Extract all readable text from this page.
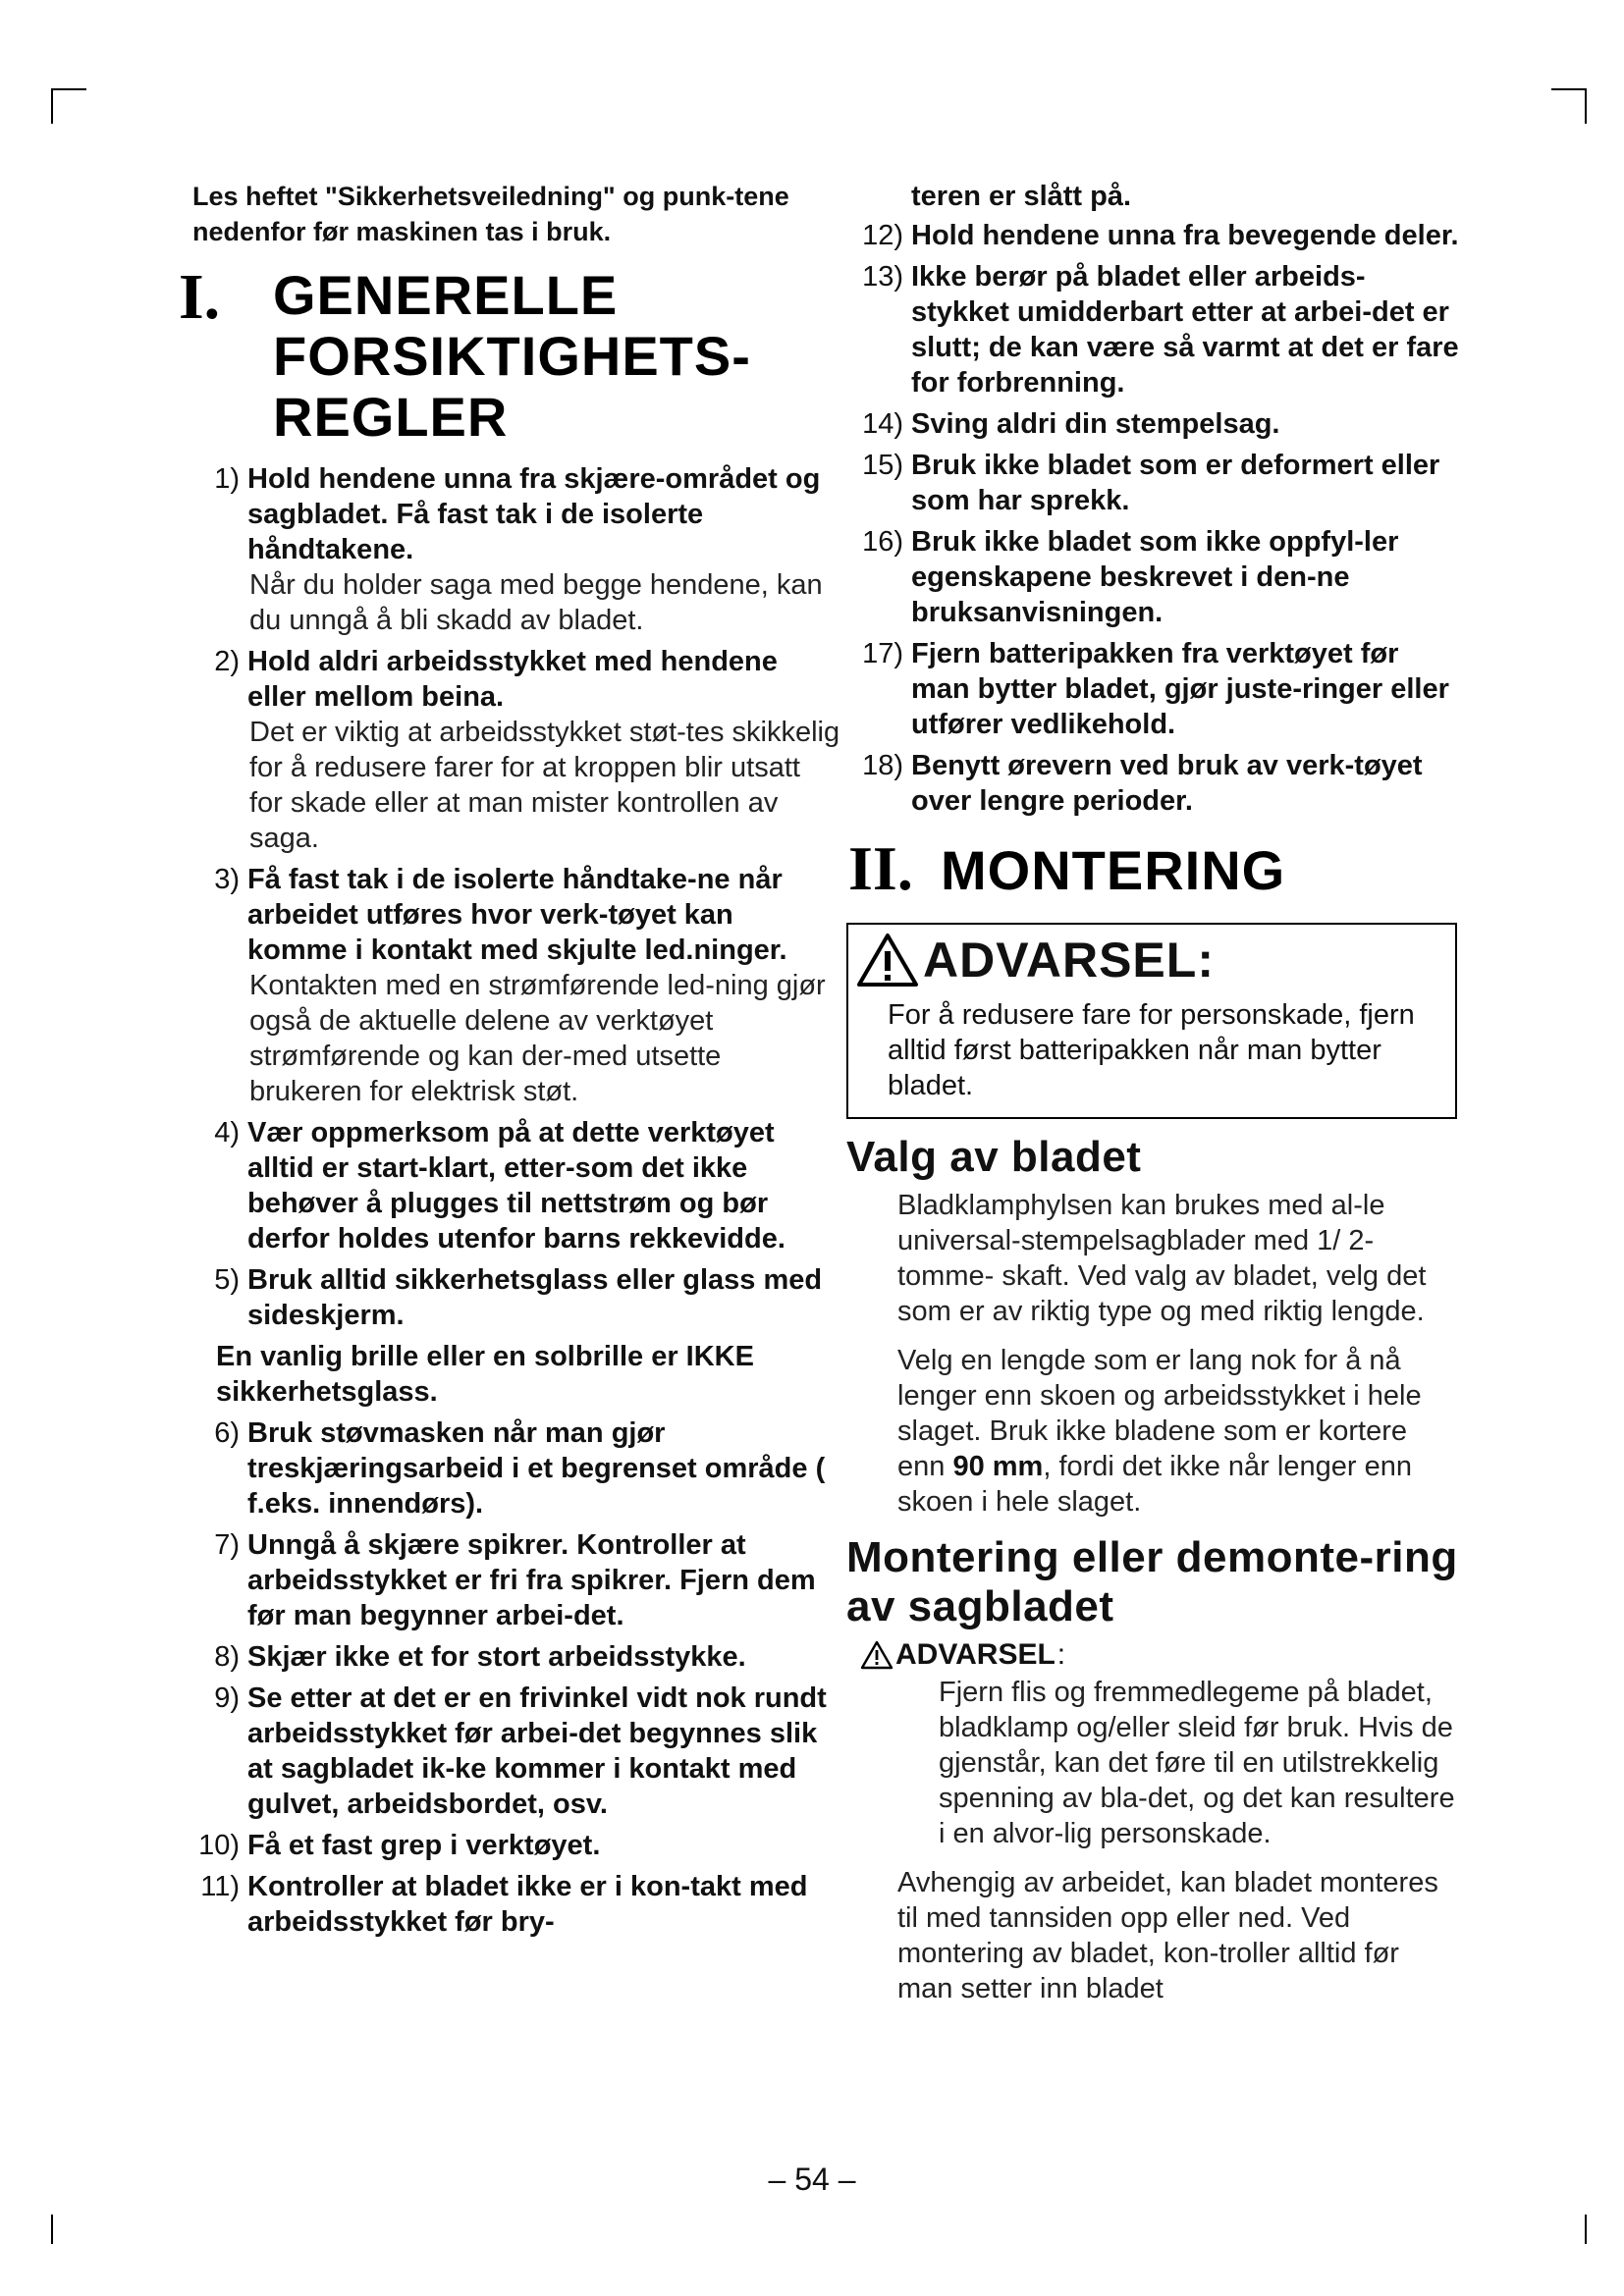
Les heftet "Sikkerhetsveiledning" og punk-tene nedenfor før maskinen tas i bruk.
I. GENERELLE FORSIKTIGHETS-REGLER
1) Hold hendene unna fra skjære-området og sagbladet. Få fast tak i de isolerte håndtakene.
Når du holder saga med begge hendene, kan du unngå å bli skadd av bladet.
2) Hold aldri arbeidsstykket med hendene eller mellom beina.
Det er viktig at arbeidsstykket støt-tes skikkelig for å redusere farer for at kroppen blir utsatt for skade eller at man mister kontrollen av saga.
3) Få fast tak i de isolerte håndtake-ne når arbeidet utføres hvor verk-tøyet kan komme i kontakt med skjulte led.ninger.
Kontakten med en strømførende led-ning gjør også de aktuelle delene av verktøyet strømførende og kan der-med utsette brukeren for elektrisk støt.
4) Vær oppmerksom på at dette verktøyet alltid er start-klart, etter-som det ikke behøver å plugges til nettstrøm og bør derfor holdes utenfor barns rekkevidde.
5) Bruk alltid sikkerhetsglass eller glass med sideskjerm.
En vanlig brille eller en solbrille er IKKE sikkerhetsglass.
6) Bruk støvmasken når man gjør treskjæringsarbeid i et begrenset område ( f.eks. innendørs).
7) Unngå å skjære spikrer. Kontroller at arbeidsstykket er fri fra spikrer. Fjern dem før man begynner arbei-det.
8) Skjær ikke et for stort arbeidsstykke.
9) Se etter at det er en frivinkel vidt nok rundt arbeidsstykket før arbei-det begynnes slik at sagbladet ik-ke kommer i kontakt med gulvet, arbeidsbordet, osv.
10) Få et fast grep i verktøyet.
11) Kontroller at bladet ikke er i kon-takt med arbeidsstykket før bry-
teren er slått på.
12) Hold hendene unna fra bevegende deler.
13) Ikke berør på bladet eller arbeids-stykket umidderbart etter at arbei-det er slutt; de kan være så varmt at det er fare for forbrenning.
14) Sving aldri din stempelsag.
15) Bruk ikke bladet som er deformert eller som har sprekk.
16) Bruk ikke bladet som ikke oppfyl-ler egenskapene beskrevet i den-ne bruksanvisningen.
17) Fjern batteripakken fra verktøyet før man bytter bladet, gjør juste-ringer eller utfører vedlikehold.
18) Benytt ørevern ved bruk av verk-tøyet over lengre perioder.
II. MONTERING
ADVARSEL:
For å redusere fare for personskade, fjern alltid først batteripakken når man bytter bladet.
Valg av bladet
Bladklamphylsen kan brukes med al-le universal-stempelsagblader med 1/ 2-tomme- skaft. Ved valg av bladet, velg det som er av riktig type og med riktig lengde.
Velg en lengde som er lang nok for å nå lenger enn skoen og arbeidsstykket i hele slaget. Bruk ikke bladene som er kortere enn 90 mm, fordi det ikke når lenger enn skoen i hele slaget.
Montering eller demonte-ring av sagbladet
ADVARSEL :
Fjern flis og fremmedlegeme på bladet, bladklamp og/eller sleid før bruk. Hvis de gjenstår, kan det føre til en utilstrekkelig spenning av bla-det, og det kan resultere i en alvor-lig personskade.
Avhengig av arbeidet, kan bladet monteres til med tannsiden opp eller ned. Ved montering av bladet, kon-troller alltid før man setter inn bladet
– 54 –
